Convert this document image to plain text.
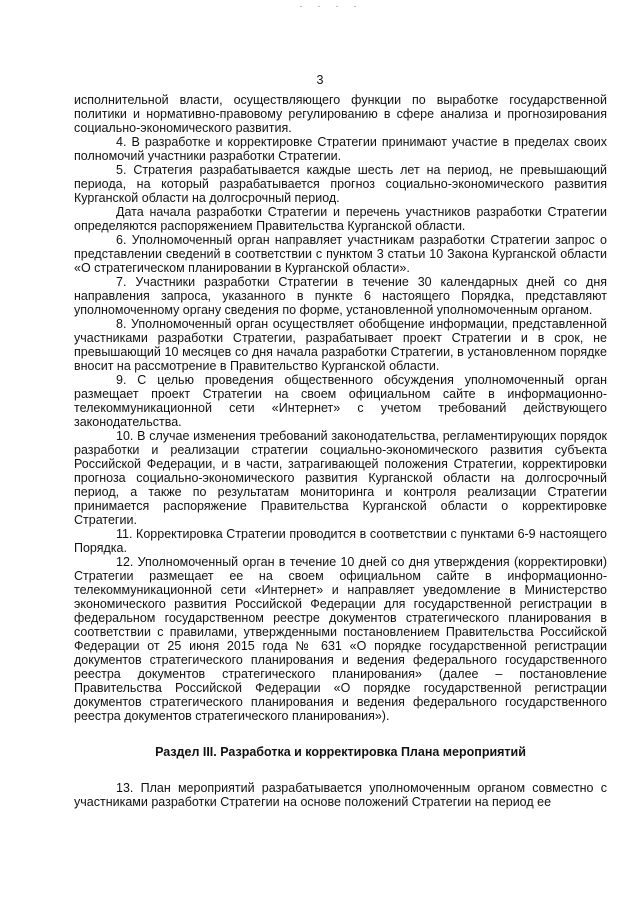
3

исполнительной власти, осуществляющего функции по выработке государственной политики и нормативно-правовому регулированию в сфере анализа и прогнозирования социально-экономического развития.

4. В разработке и корректировке Стратегии принимают участие в пределах своих полномочий участники разработки Стратегии.

5. Стратегия разрабатывается каждые шесть лет на период, не превышающий периода, на который разрабатывается прогноз социально-экономического развития Курганской области на долгосрочный период.

Дата начала разработки Стратегии и перечень участников разработки Стратегии определяются распоряжением Правительства Курганской области.

6. Уполномоченный орган направляет участникам разработки Стратегии запрос о представлении сведений в соответствии с пунктом 3 статьи 10 Закона Курганской области «О стратегическом планировании в Курганской области».

7. Участники разработки Стратегии в течение 30 календарных дней со дня направления запроса, указанного в пункте 6 настоящего Порядка, представляют уполномоченному органу сведения по форме, установленной уполномоченным органом.

8. Уполномоченный орган осуществляет обобщение информации, представленной участниками разработки Стратегии, разрабатывает проект Стратегии и в срок, не превышающий 10 месяцев со дня начала разработки Стратегии, в установленном порядке вносит на рассмотрение в Правительство Курганской области.

9. С целью проведения общественного обсуждения уполномоченный орган размещает проект Стратегии на своем официальном сайте в информационно-телекоммуникационной сети «Интернет» с учетом требований действующего законодательства.

10. В случае изменения требований законодательства, регламентирующих порядок разработки и реализации стратегии социально-экономического развития субъекта Российской Федерации, и в части, затрагивающей положения Стратегии, корректировки прогноза социально-экономического развития Курганской области на долгосрочный период, а также по результатам мониторинга и контроля реализации Стратегии принимается распоряжение Правительства Курганской области о корректировке Стратегии.

11. Корректировка Стратегии проводится в соответствии с пунктами 6-9 настоящего Порядка.

12. Уполномоченный орган в течение 10 дней со дня утверждения (корректировки) Стратегии размещает ее на своем официальном сайте в информационно-телекоммуникационной сети «Интернет» и направляет уведомление в Министерство экономического развития Российской Федерации для государственной регистрации в федеральном государственном реестре документов стратегического планирования в соответствии с правилами, утвержденными постановлением Правительства Российской Федерации от 25 июня 2015 года № 631 «О порядке государственной регистрации документов стратегического планирования и ведения федерального государственного реестра документов стратегического планирования» (далее – постановление Правительства Российской Федерации «О порядке государственной регистрации документов стратегического планирования и ведения федерального государственного реестра документов стратегического планирования»).

Раздел III. Разработка и корректировка Плана мероприятий

13. План мероприятий разрабатывается уполномоченным органом совместно с участниками разработки Стратегии на основе положений Стратегии на период ее
